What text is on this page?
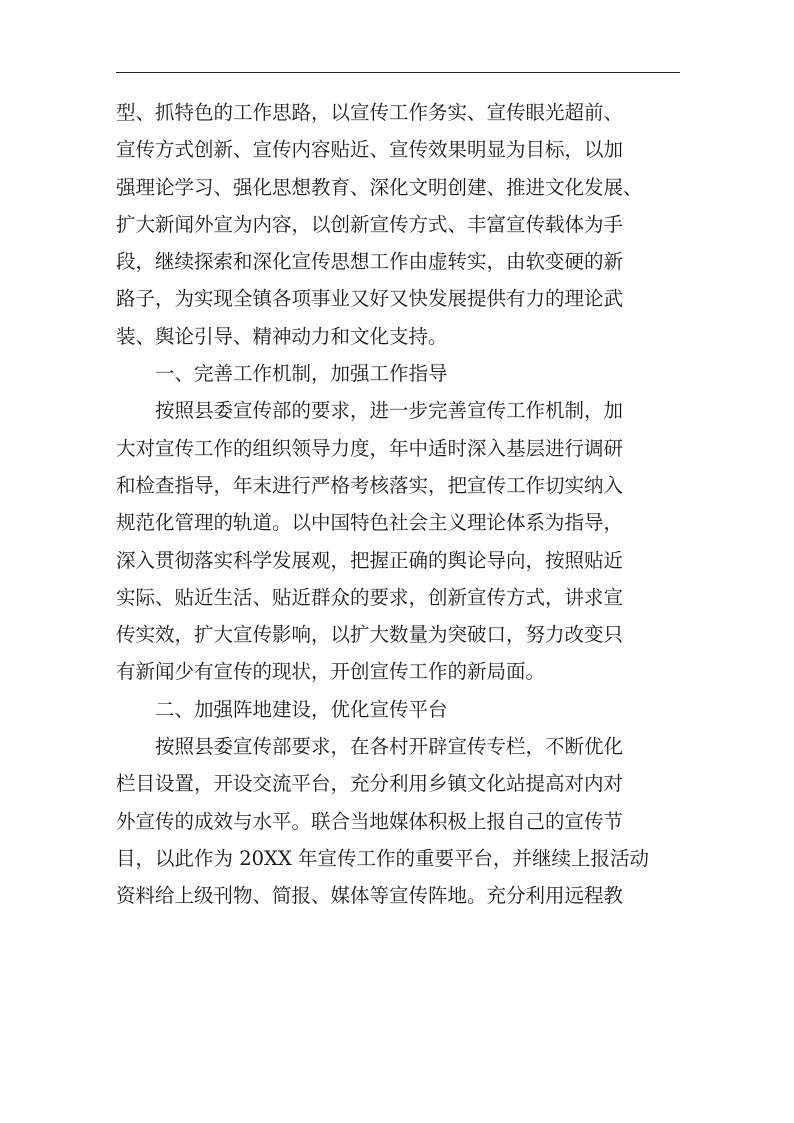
型、抓特色的工作思路，以宣传工作务实、宣传眼光超前、
宣传方式创新、宣传内容贴近、宣传效果明显为目标，以加
强理论学习、强化思想教育、深化文明创建、推进文化发展、
扩大新闻外宣为内容，以创新宣传方式、丰富宣传载体为手
段，继续探索和深化宣传思想工作由虚转实，由软变硬的新
路子，为实现全镇各项事业又好又快发展提供有力的理论武
装、舆论引导、精神动力和文化支持。
一、完善工作机制，加强工作指导
按照县委宣传部的要求，进一步完善宣传工作机制，加
大对宣传工作的组织领导力度，年中适时深入基层进行调研
和检查指导，年末进行严格考核落实，把宣传工作切实纳入
规范化管理的轨道。以中国特色社会主义理论体系为指导，
深入贯彻落实科学发展观，把握正确的舆论导向，按照贴近
实际、贴近生活、贴近群众的要求，创新宣传方式，讲求宣
传实效，扩大宣传影响，以扩大数量为突破口，努力改变只
有新闻少有宣传的现状，开创宣传工作的新局面。
二、加强阵地建设，优化宣传平台
按照县委宣传部要求，在各村开辟宣传专栏，不断优化
栏目设置，开设交流平台，充分利用乡镇文化站提高对内对
外宣传的成效与水平。联合当地媒体积极上报自己的宣传节
目，以此作为 20XX 年宣传工作的重要平台，并继续上报活动
资料给上级刊物、简报、媒体等宣传阵地。充分利用远程教
